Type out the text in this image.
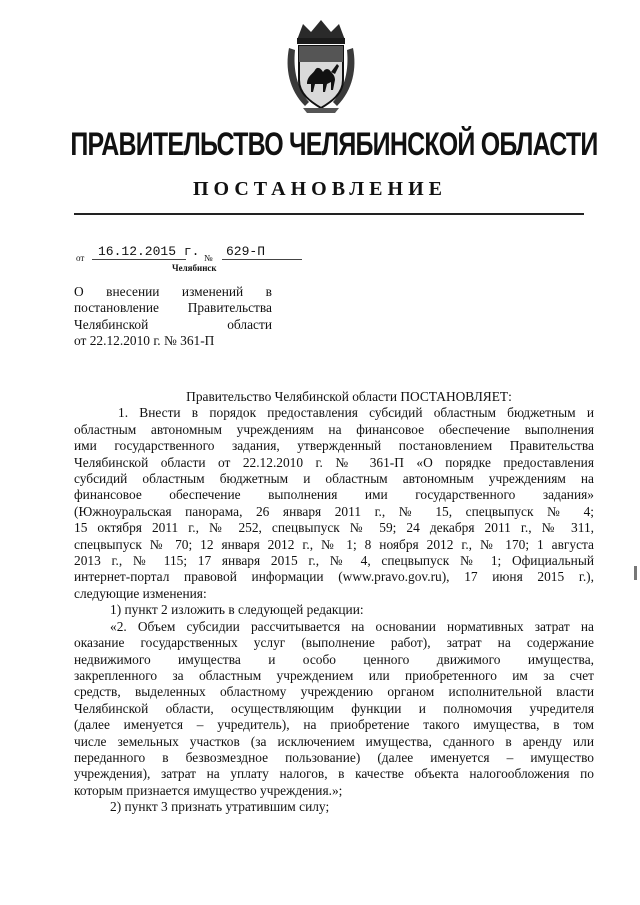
ПРАВИТЕЛЬСТВО ЧЕЛЯБИНСКОЙ ОБЛАСТИ
ПОСТАНОВЛЕНИЕ
от 16.12.2015 г. № 629-П
Челябинск
О внесении изменений в
постановление Правительства
Челябинской области
от 22.12.2010 г. № 361-П
Правительство Челябинской области ПОСТАНОВЛЯЕТ:
1. Внести в порядок предоставления субсидий областным бюджетным и
областным автономным учреждениям на финансовое обеспечение выполнения
ими государственного задания, утвержденный постановлением Правительства
Челябинской области от 22.12.2010 г. № 361-П «О порядке предоставления
субсидий областным бюджетным и областным автономным учреждениям на
финансовое обеспечение выполнения ими государственного задания»
(Южноуральская панорама, 26 января 2011 г., № 15, спецвыпуск № 4;
15 октября 2011 г., № 252, спецвыпуск № 59; 24 декабря 2011 г., № 311,
спецвыпуск № 70; 12 января 2012 г., № 1; 8 ноября 2012 г., № 170; 1 августа
2013 г., № 115; 17 января 2015 г., № 4, спецвыпуск № 1; Официальный
интернет-портал правовой информации (www.pravo.gov.ru), 17 июня 2015 г.),
следующие изменения:
1) пункт 2 изложить в следующей редакции:
«2. Объем субсидии рассчитывается на основании нормативных затрат на
оказание государственных услуг (выполнение работ), затрат на содержание
недвижимого имущества и особо ценного движимого имущества,
закрепленного за областным учреждением или приобретенного им за счет
средств, выделенных областному учреждению органом исполнительной власти
Челябинской области, осуществляющим функции и полномочия учредителя
(далее именуется – учредитель), на приобретение такого имущества, в том
числе земельных участков (за исключением имущества, сданного в аренду или
переданного в безвозмездное пользование) (далее именуется – имущество
учреждения), затрат на уплату налогов, в качестве объекта налогообложения по
которым признается имущество учреждения.»;
2) пункт 3 признать утратившим силу;
